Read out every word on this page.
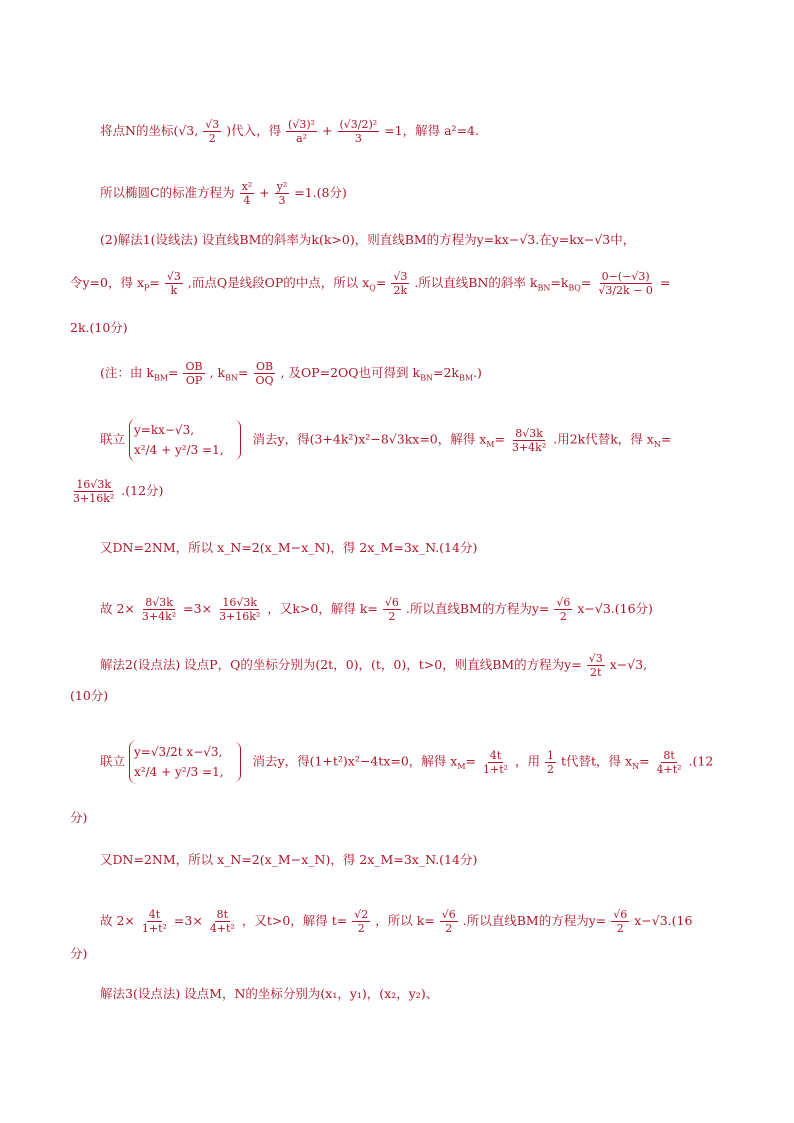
将点N的坐标(√3, $\frac{√3}{2}$ )代入，得 $\frac{\text{(√3)²}}{\text{a²}} + \frac{\text{(√3/2)²}}{3} =1$，解得 a²=4.
所以椭圆C的标准方程为 $\frac{\text{x²}}{4} + \frac{\text{y²}}{3} =1.(8$分)
(2)解法1(设线法) 设直线BM的斜率为k(k>0)，则直线BM的方程为y=kx−√3.在y=kx−√3中，
令y=0，得 $x_P= \frac{√3}{k}$ ,而点Q是线段OP的中点，所以 $x_Q= \frac{√3}{2k}$ .所以直线BN的斜率 $k_{BN}=k_{BQ}= \frac{0-(-√3)}{√3/2k - 0}$ =
2k.(10分)
(注：由 $k_{BM}= \frac{OB}{OP}$ , $k_{BN}= \frac{OB}{OQ}$ , 及OP=2OQ也可得到 $k_{BN}=2k_{BM}$.)
联立
y=kx−√3,
x²/4 + y²/3 =1,
消去y，得(3+4k²)x²−8√3kx=0，解得 $x_M= \frac{8√3k}{\text{3+4k²}}$ .用2k代替k，得 $x_N=$
$\frac{16√3k}{\text{3+16k²}} .(12$分)
又DN=2NM，所以 x_N=2(x_M−x_N)，得 2x_M=3x_N.(14分)
故 $2\times \frac{8√3k}{\text{3+4k²}} =3\times \frac{16√3k}{\text{3+16k²}}$ ，又k>0，解得 $k= \frac{√6}{2}$ .所以直线BM的方程为$y= \frac{√6}{2} x-√3.(16$分)
解法2(设点法) 设点P，Q的坐标分别为(2t，0)，(t，0)，t>0，则直线BM的方程为$y= \frac{√3}{2t} x-√3$,
(10分)
联立
y=√3/2t x−√3,
x²/4 + y²/3 =1,
消去y，得(1+t²)x²−4tx=0，解得 $x_M= \frac{4t}{\text{1+t²}}$ ，用 $\frac{1}{2}$ t代替t，得 $x_N= \frac{8t}{\text{4+t²}} .(12$
分)
又DN=2NM，所以 x_N=2(x_M−x_N)，得 2x_M=3x_N.(14分)
故 $2\times \frac{4t}{\text{1+t²}} =3\times \frac{8t}{\text{4+t²}}$ ，又t>0，解得 $t= \frac{√2}{2}$ ，所以 $k= \frac{√6}{2}$ .所以直线BM的方程为$y= \frac{√6}{2} x-√3.(16$
分)
解法3(设点法) 设点M，N的坐标分别为(x₁，y₁)，(x₂，y₂)、
